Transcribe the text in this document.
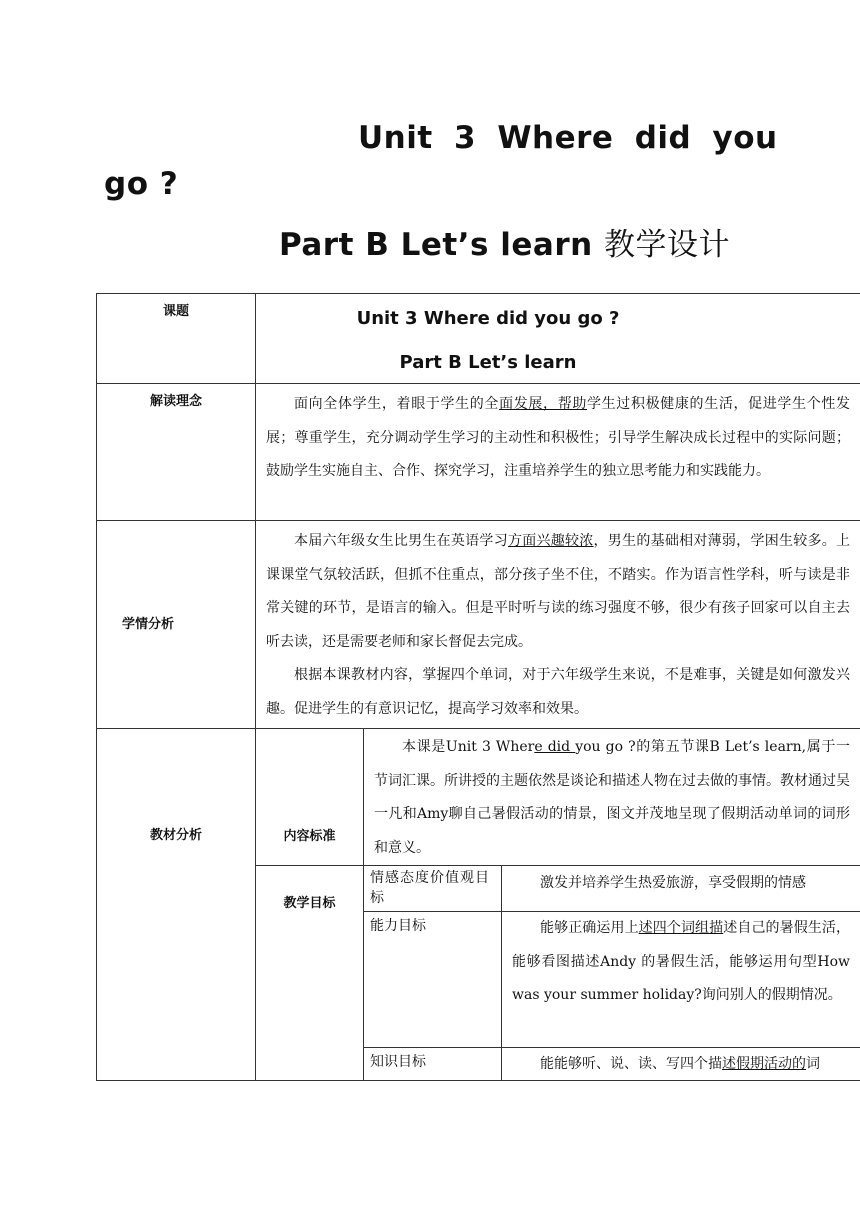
Unit 3 Where did you
go ?
Part B Let’s learn 教学设计
课题	Unit 3 Where did you go ?
Part B Let’s learn		

解读理念	面向全体学生，着眼于学生的全面发展，帮助学生过积极健康的生活，促进学生个性发展；尊重学生，充分调动学生学习的主动性和积极性；引导学生解决成长过程中的实际问题；鼓励学生实施自主、合作、探究学习，注重培养学生的独立思考能力和实践能力。		

学情分析	本届六年级女生比男生在英语学习方面兴趣较浓，男生的基础相对薄弱，学困生较多。上课课堂气氛较活跃，但抓不住重点，部分孩子坐不住，不踏实。作为语言性学科，听与读是非常关键的环节，是语言的输入。但是平时听与读的练习强度不够，很少有孩子回家可以自主去听去读，还是需要老师和家长督促去完成。
根据本课教材内容，掌握四个单词，对于六年级学生来说，不是难事，关键是如何激发兴趣。促进学生的有意识记忆，提高学习效率和效果。		

教材分析	内容标准	本课是Unit 3 Where did you go ?的第五节课B Let’s learn,属于一节词汇课。所讲授的主题依然是谈论和描述人物在过去做的事情。教材通过吴一凡和Amy聊自己暑假活动的情景，图文并茂地呈现了假期活动单词的词形和意义。	

	教学目标	情感态度价值观目标	激发并培养学生热爱旅游，享受假期的情感

		能力目标	能够正确运用上述四个词组描述自己的暑假生活， 能够看图描述Andy 的暑假生活，能够运用句型How was your summer holiday?询问别人的假期情况。

		知识目标	能能够听、说、读、写四个描述假期活动的词
